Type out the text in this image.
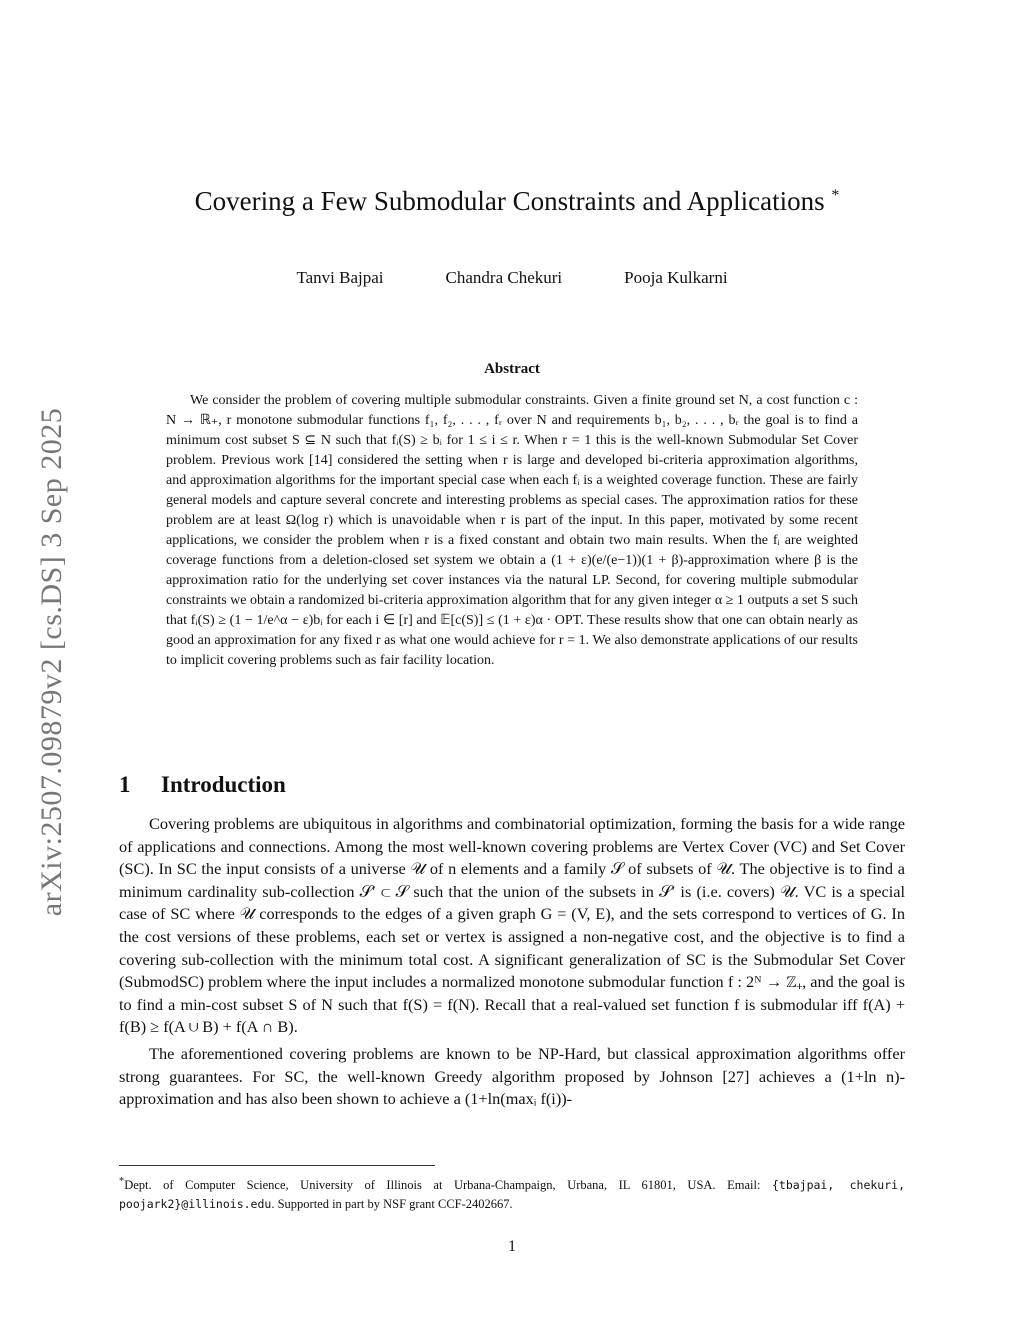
arXiv:2507.09879v2 [cs.DS] 3 Sep 2025
Covering a Few Submodular Constraints and Applications *
Tanvi Bajpai	Chandra Chekuri	Pooja Kulkarni
Abstract
We consider the problem of covering multiple submodular constraints. Given a finite ground set N, a cost function c : N → ℝ₊, r monotone submodular functions f₁, f₂, . . . , fᵣ over N and requirements b₁, b₂, . . . , bᵣ the goal is to find a minimum cost subset S ⊆ N such that fᵢ(S) ≥ bᵢ for 1 ≤ i ≤ r. When r = 1 this is the well-known Submodular Set Cover problem. Previous work [14] considered the setting when r is large and developed bi-criteria approximation algorithms, and approximation algorithms for the important special case when each fᵢ is a weighted coverage function. These are fairly general models and capture several concrete and interesting problems as special cases. The approximation ratios for these problem are at least Ω(log r) which is unavoidable when r is part of the input. In this paper, motivated by some recent applications, we consider the problem when r is a fixed constant and obtain two main results. When the fᵢ are weighted coverage functions from a deletion-closed set system we obtain a (1 + ε)(e/(e−1))(1 + β)-approximation where β is the approximation ratio for the underlying set cover instances via the natural LP. Second, for covering multiple submodular constraints we obtain a randomized bi-criteria approximation algorithm that for any given integer α ≥ 1 outputs a set S such that fᵢ(S) ≥ (1 − 1/e^α − ε)bᵢ for each i ∈ [r] and 𝔼[c(S)] ≤ (1 + ε)α · OPT. These results show that one can obtain nearly as good an approximation for any fixed r as what one would achieve for r = 1. We also demonstrate applications of our results to implicit covering problems such as fair facility location.
1 Introduction

Covering problems are ubiquitous in algorithms and combinatorial optimization, forming the basis for a wide range of applications and connections. Among the most well-known covering problems are Vertex Cover (VC) and Set Cover (SC). In SC the input consists of a universe 𝒰 of n elements and a family 𝒮 of subsets of 𝒰. The objective is to find a minimum cardinality sub-collection 𝒮′ ⊂ 𝒮 such that the union of the subsets in 𝒮′ is (i.e. covers) 𝒰. VC is a special case of SC where 𝒰 corresponds to the edges of a given graph G = (V, E), and the sets correspond to vertices of G. In the cost versions of these problems, each set or vertex is assigned a non-negative cost, and the objective is to find a covering sub-collection with the minimum total cost. A significant generalization of SC is the Submodular Set Cover (SubmodSC) problem where the input includes a normalized monotone submodular function f : 2ᴺ → ℤ₊, and the goal is to find a min-cost subset S of N such that f(S) = f(N). Recall that a real-valued set function f is submodular iff f(A) + f(B) ≥ f(A ∪ B) + f(A ∩ B).

The aforementioned covering problems are known to be NP-Hard, but classical approximation algorithms offer strong guarantees. For SC, the well-known Greedy algorithm proposed by Johnson [27] achieves a (1+ln n)-approximation and has also been shown to achieve a (1+ln(maxᵢ f(i))-

*Dept. of Computer Science, University of Illinois at Urbana-Champaign, Urbana, IL 61801, USA. Email: {tbajpai, chekuri, poojark2}@illinois.edu. Supported in part by NSF grant CCF-2402667.
1
